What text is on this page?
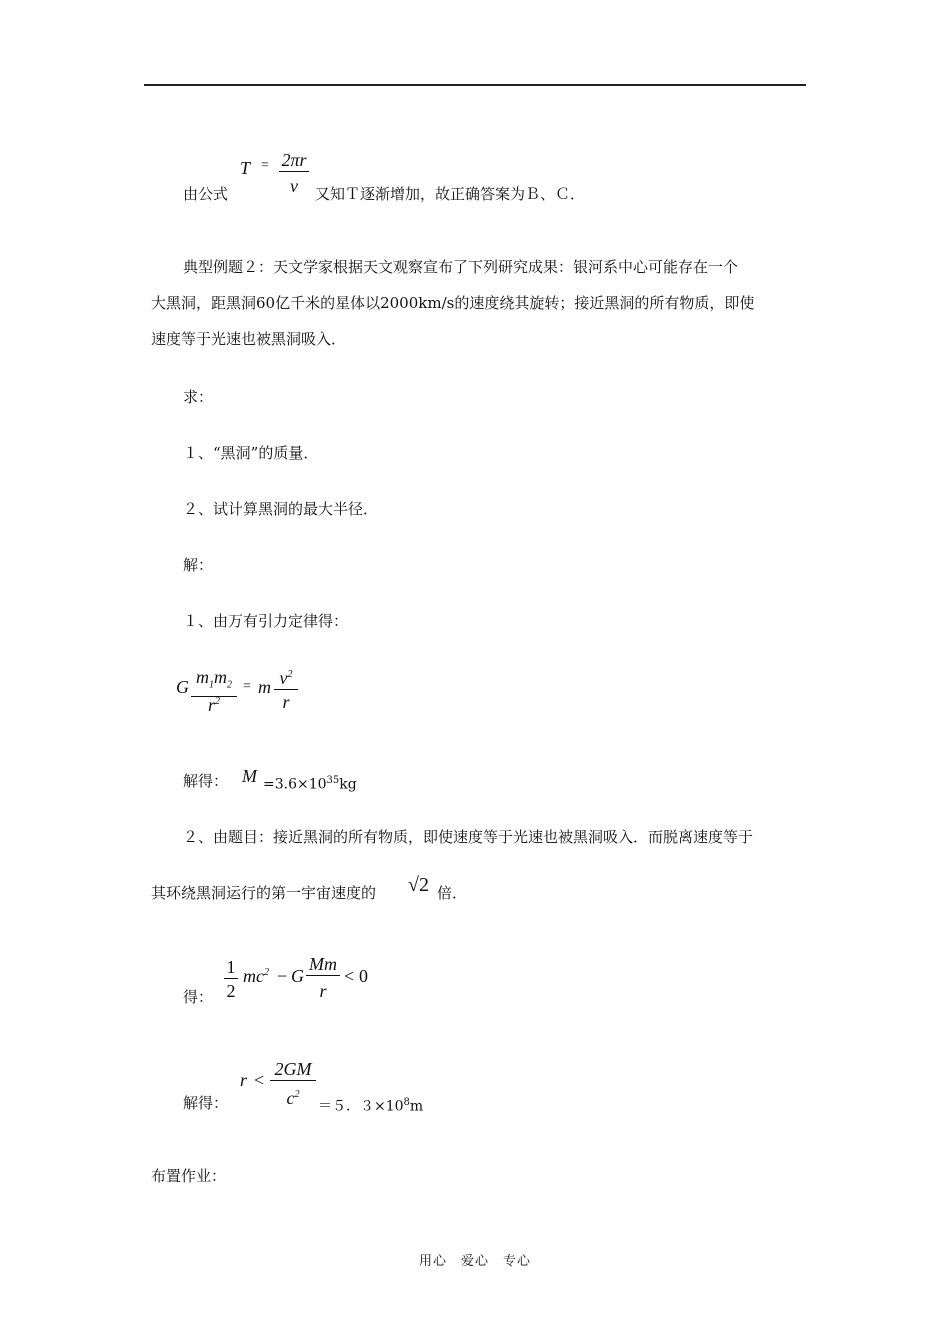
由公式
T = 2πr
v	又知Ｔ逐渐增加，故正确答案为Ｂ、Ｃ．
典型例题２：天文学家根据天文观察宣布了下列研究成果：银河系中心可能存在一个
大黑洞，距黑洞60亿千米的星体以2000km/s的速度绕其旋转；接近黑洞的所有物质，即使
速度等于光速也被黑洞吸入．
求：
１、“黑洞”的质量．
２、试计算黑洞的最大半径．
解：
１、由万有引力定律得：
G $m_1m_2$
$r^2$
= m $v^2$
r
解得： $M =3.6\times 10^{35}kg$
２、由题目：接近黑洞的所有物质，即使速度等于光速也被黑洞吸入．而脱离速度等于
其环绕黑洞运行的第一宇宙速度的 √2 倍．
得：
1
2
$mc^2 - G$
Mm
r
< 0
解得：
r <
2GM
$c^2$
＝５．$3\times 10^8m$
布置作业：
用心　爱心　专心
